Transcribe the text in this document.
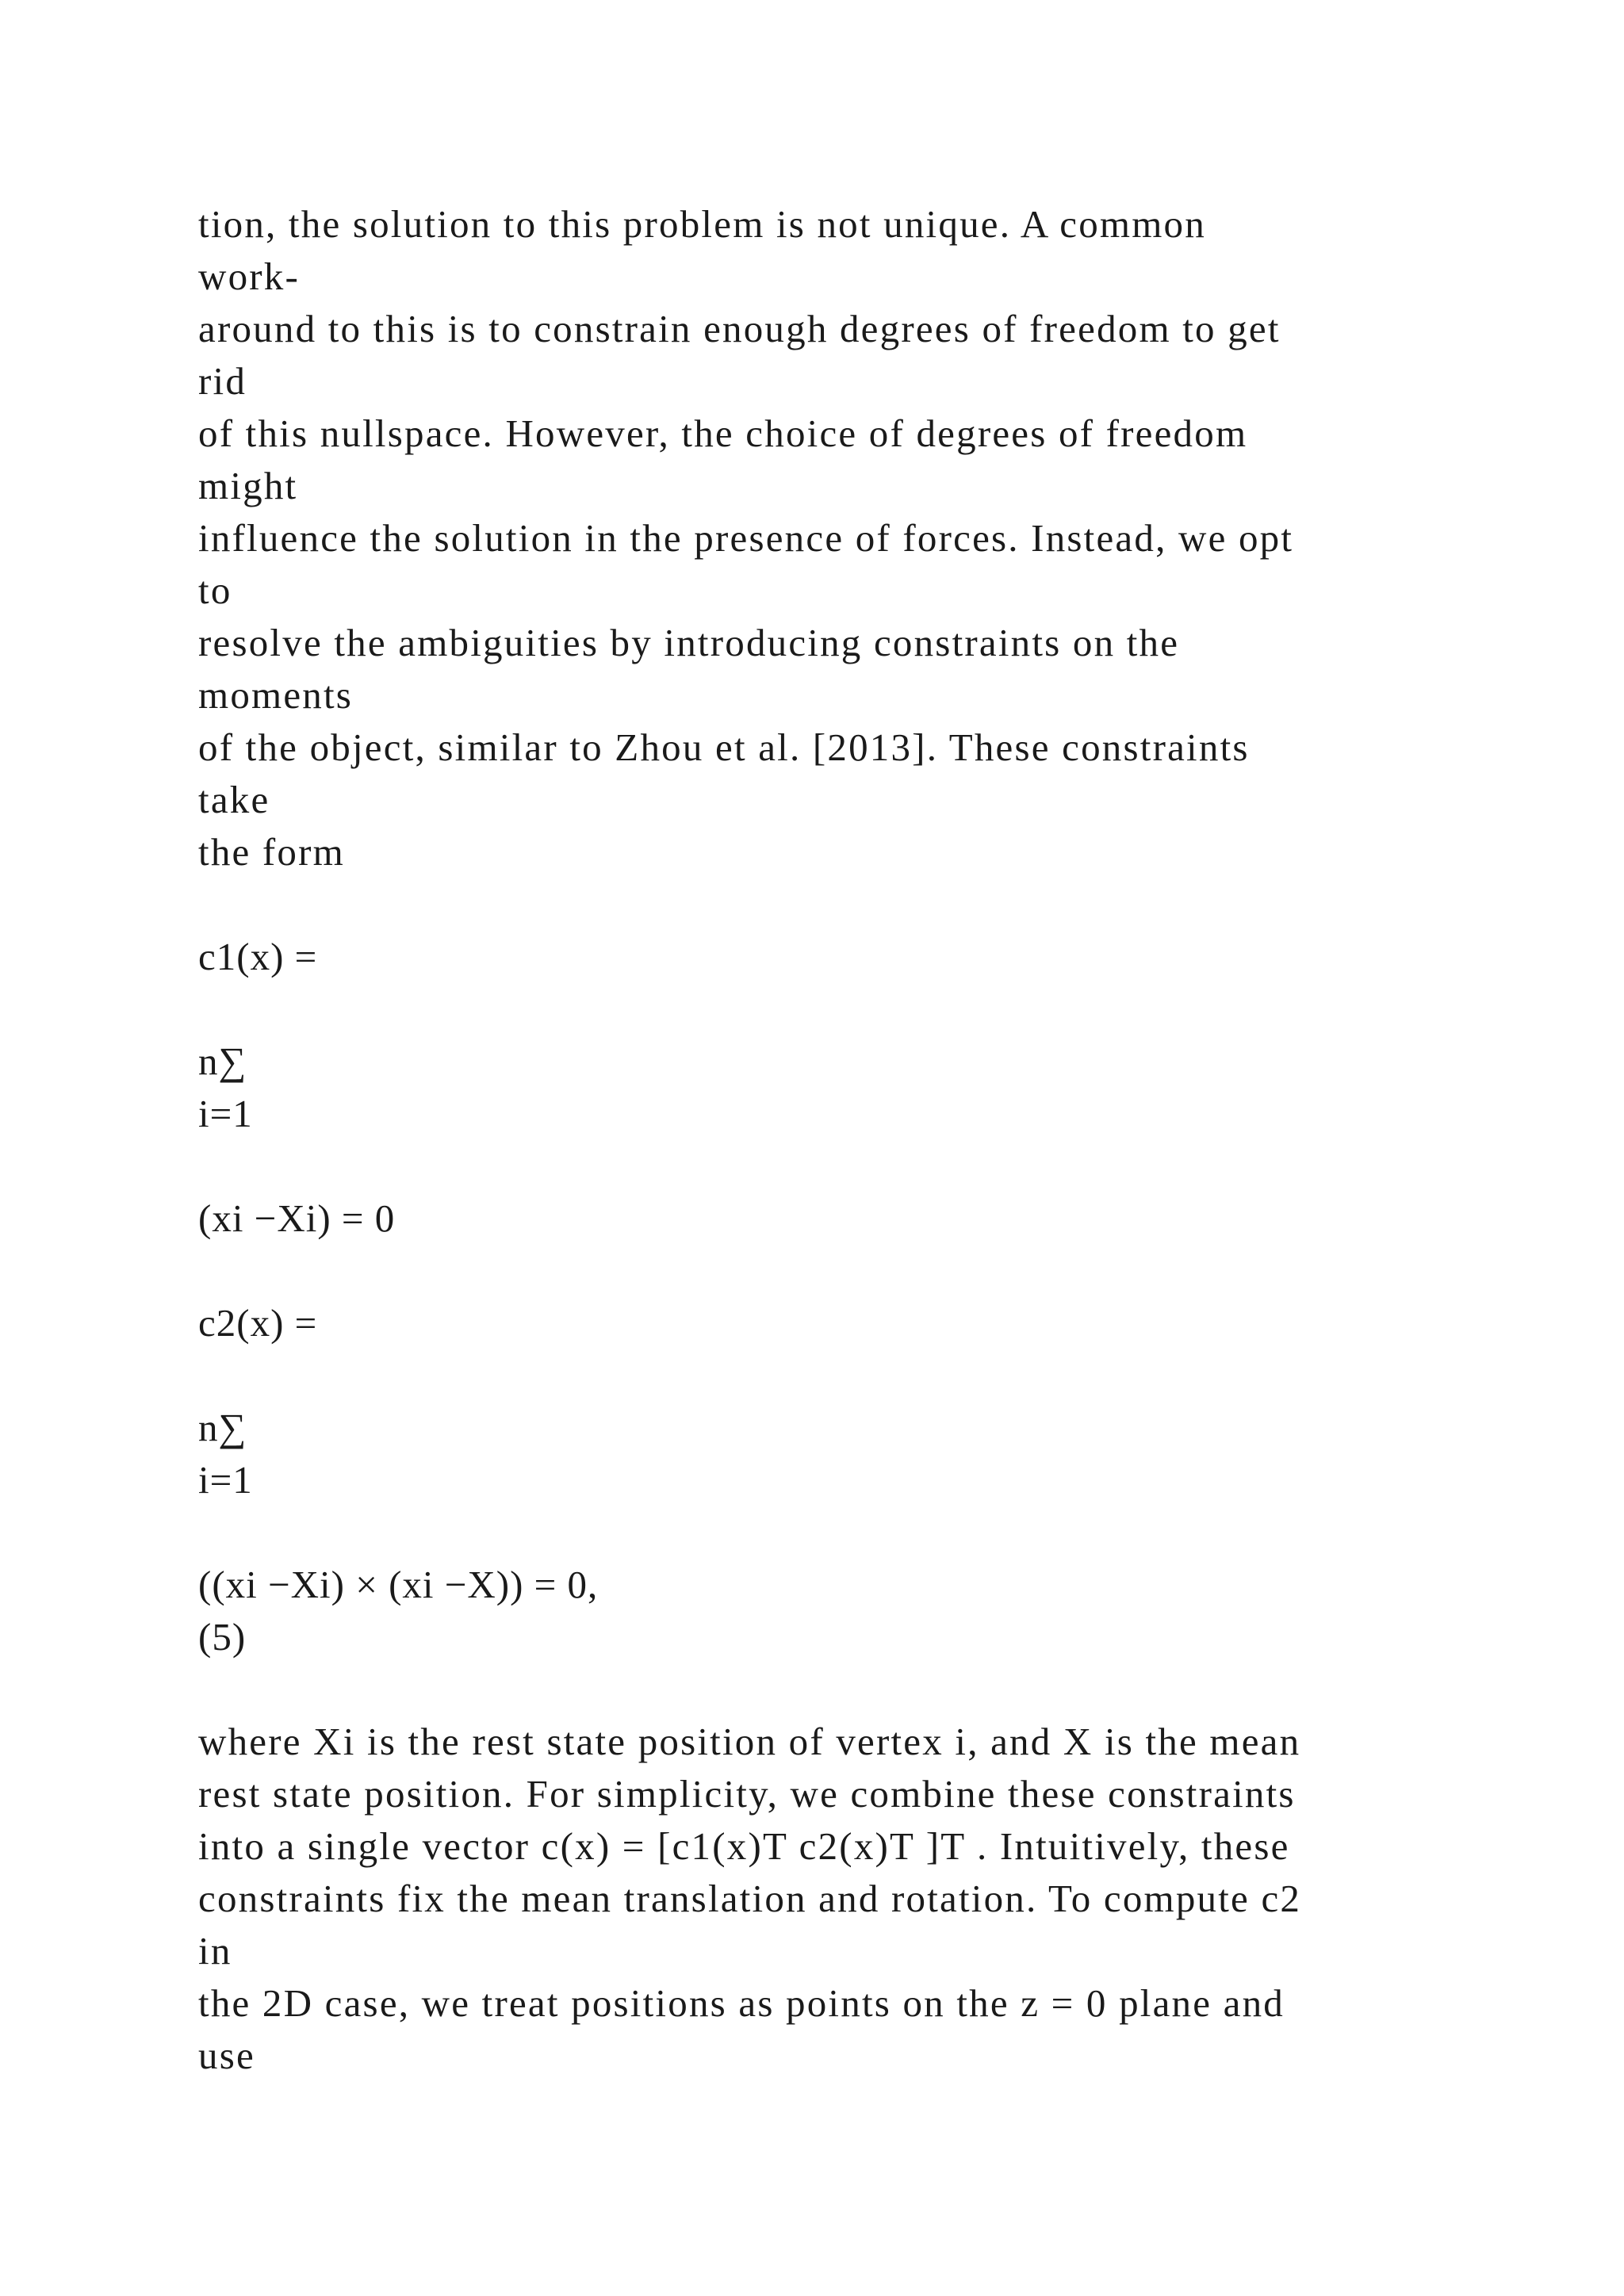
tion, the solution to this problem is not unique. A common

work-

around to this is to constrain enough degrees of freedom to get

rid

of this nullspace. However, the choice of degrees of freedom

might

influence the solution in the presence of forces. Instead, we opt

to

resolve the ambiguities by introducing constraints on the

moments

of the object, similar to Zhou et al. [2013]. These constraints

take

the form

c1(x) =

n∑

i=1

(xi −Xi) = 0

c2(x) =

n∑

i=1

((xi −Xi) × (xi −X)) = 0,

(5)

where Xi is the rest state position of vertex i, and X is the mean

rest state position. For simplicity, we combine these constraints

into a single vector c(x) = [c1(x)T c2(x)T ]T . Intuitively, these

constraints fix the mean translation and rotation. To compute c2

in

the 2D case, we treat positions as points on the z = 0 plane and

use
